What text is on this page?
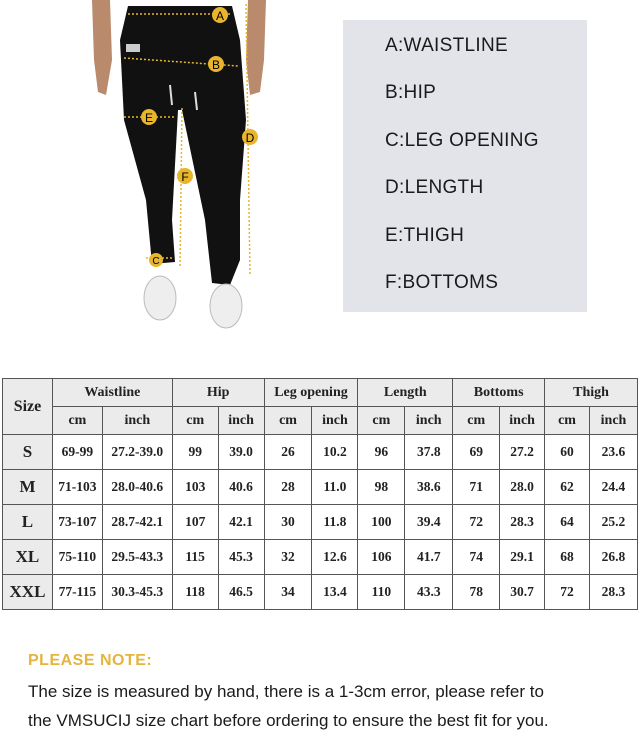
A
B
C
D
E
F
A:WAISTLINE
B:HIP
C:LEG OPENING
D:LENGTH
E:THIGH
F:BOTTOMS
Size	Waistline		Hip		Leg opening		Length		Bottoms		Thigh	
	cm	inch	cm	inch	cm	inch	cm	inch	cm	inch	cm	inch
S	69-99	27.2-39.0	99	39.0	26	10.2	96	37.8	69	27.2	60	23.6
M	71-103	28.0-40.6	103	40.6	28	11.0	98	38.6	71	28.0	62	24.4
L	73-107	28.7-42.1	107	42.1	30	11.8	100	39.4	72	28.3	64	25.2
XL	75-110	29.5-43.3	115	45.3	32	12.6	106	41.7	74	29.1	68	26.8
XXL	77-115	30.3-45.3	118	46.5	34	13.4	110	43.3	78	30.7	72	28.3
PLEASE NOTE:
The size is measured by hand, there is a 1-3cm error, please refer to
the VMSUCIJ size chart before ordering to ensure the best fit for you.
